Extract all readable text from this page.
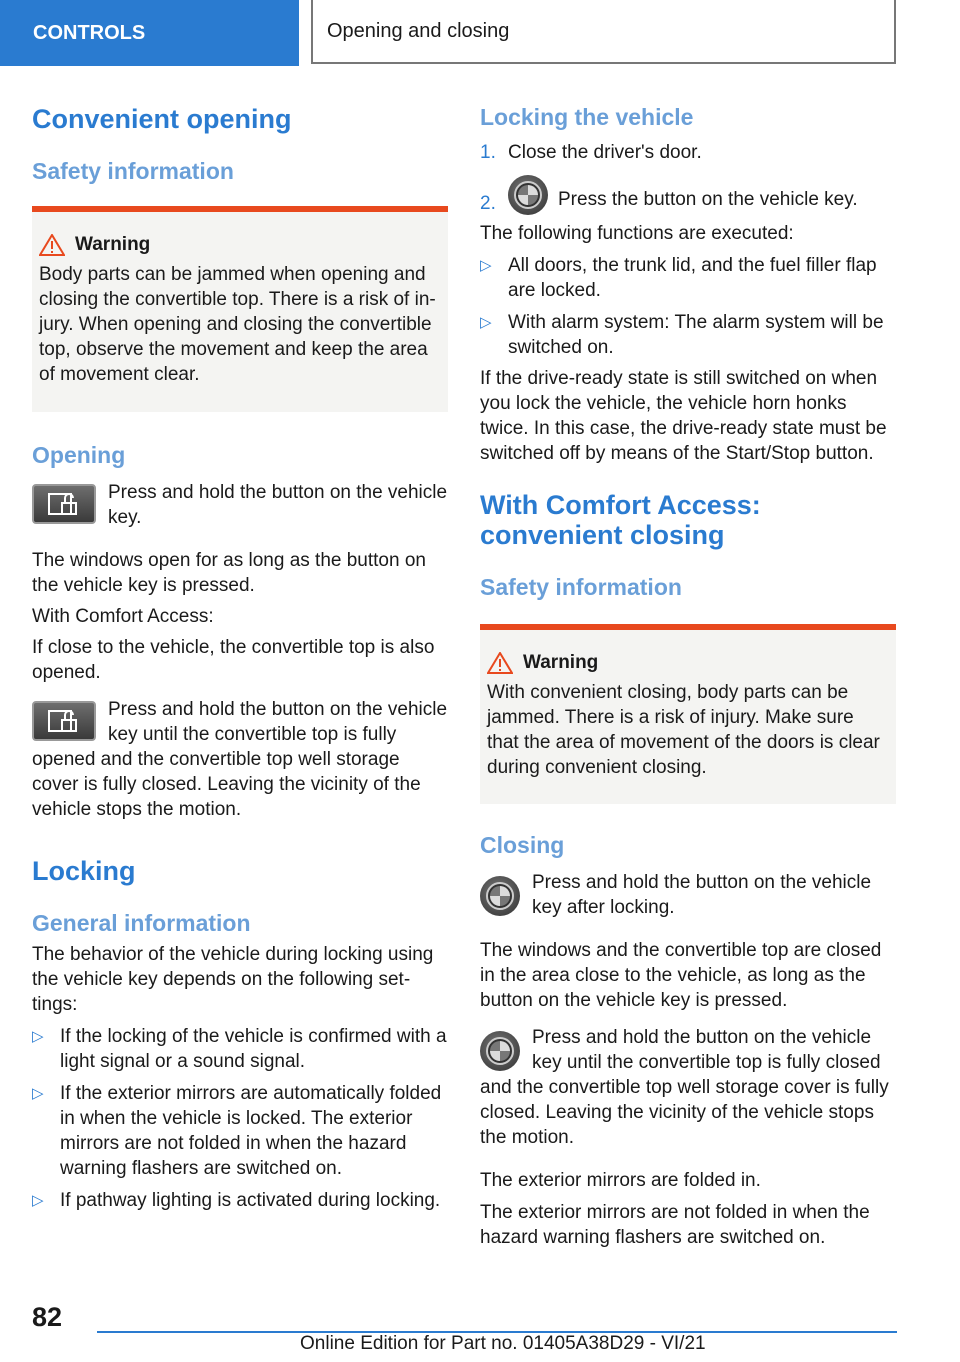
CONTROLS	Opening and closing
Convenient opening
Safety information
Warning

Body parts can be jammed when opening and closing the convertible top. There is a risk of injury. When opening and closing the convertible top, observe the movement and keep the area of movement clear.

Opening

Press and hold the button on the vehicle key.

The windows open for as long as the button on the vehicle key is pressed.

With Comfort Access:

If close to the vehicle, the convertible top is also opened.

Press and hold the button on the vehicle key until the convertible top is fully opened and the convertible top well storage cover is fully closed. Leaving the vicinity of the vehicle stops the motion.

Locking
General information

The behavior of the vehicle during locking using the vehicle key depends on the following settings:

▷ If the locking of the vehicle is confirmed with a light signal or a sound signal.
▷ If the exterior mirrors are automatically folded in when the vehicle is locked. The exterior mirrors are not folded in when the hazard warning flashers are switched on.
▷ If pathway lighting is activated during locking.
Locking the vehicle
1. Close the driver's door.
2.	Press the button on the vehicle key.

The following functions are executed:

▷ All doors, the trunk lid, and the fuel filler flap are locked.
▷ With alarm system: The alarm system will be switched on.

If the drive-ready state is still switched on when you lock the vehicle, the vehicle horn honks twice. In this case, the drive-ready state must be switched off by means of the Start/Stop button.

With Comfort Access: convenient closing
Safety information
Warning

With convenient closing, body parts can be jammed. There is a risk of injury. Make sure that the area of movement of the doors is clear during convenient closing.

Closing

Press and hold the button on the vehicle key after locking.

The windows and the convertible top are closed in the area close to the vehicle, as long as the button on the vehicle key is pressed.

Press and hold the button on the vehicle key until the convertible top is fully closed and the convertible top well storage cover is fully closed. Leaving the vicinity of the vehicle stops the motion.

The exterior mirrors are folded in.

The exterior mirrors are not folded in when the hazard warning flashers are switched on.

82
Online Edition for Part no. 01405A38D29 - VI/21
